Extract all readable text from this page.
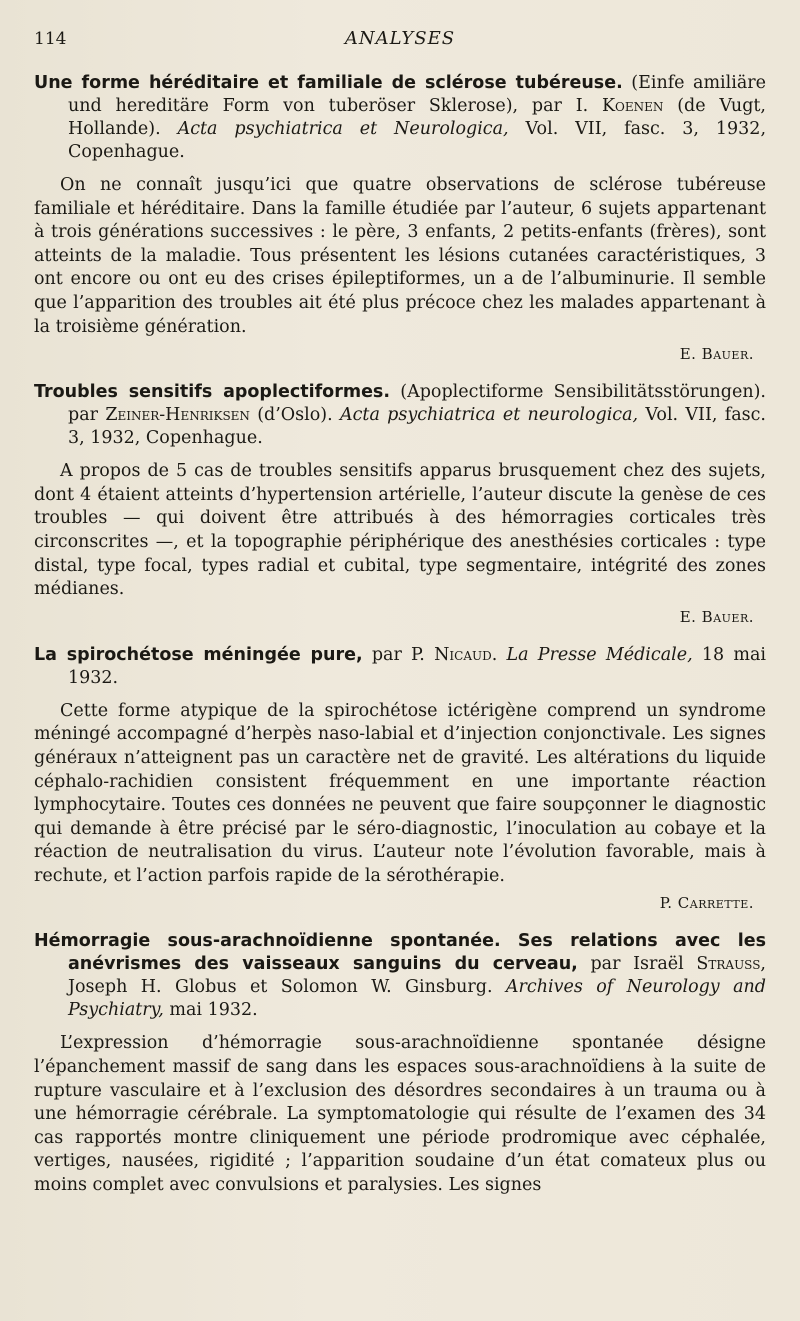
114	ANALYSES

Une forme héréditaire et familiale de sclérose tubéreuse. (Einfe amiliäre und hereditäre Form von tuberöser Sklerose), par I. Koenen (de Vugt, Hollande). Acta psychiatrica et Neurologica, Vol. VII, fasc. 3, 1932, Copenhague.

On ne connaît jusqu’ici que quatre observations de sclérose tubéreuse familiale et héréditaire. Dans la famille étudiée par l’auteur, 6 sujets appartenant à trois générations successives : le père, 3 enfants, 2 petits-enfants (frères), sont atteints de la maladie. Tous présentent les lésions cutanées caractéristiques, 3 ont encore ou ont eu des crises épileptiformes, un a de l’albuminurie. Il semble que l’apparition des troubles ait été plus précoce chez les malades appartenant à la troisième génération.

E. Bauer.

Troubles sensitifs apoplectiformes. (Apoplectiforme Sensibilitätsstörungen). par Zeiner-Henriksen (d’Oslo). Acta psychiatrica et neurologica, Vol. VII, fasc. 3, 1932, Copenhague.

A propos de 5 cas de troubles sensitifs apparus brusquement chez des sujets, dont 4 étaient atteints d’hypertension artérielle, l’auteur discute la genèse de ces troubles — qui doivent être attribués à des hémorragies corticales très circonscrites —, et la topographie périphérique des anesthésies corticales : type distal, type focal, types radial et cubital, type segmentaire, intégrité des zones médianes.

E. Bauer.

La spirochétose méningée pure, par P. Nicaud. La Presse Médicale, 18 mai 1932.

Cette forme atypique de la spirochétose ictérigène comprend un syndrome méningé accompagné d’herpès naso-labial et d’injection conjonctivale. Les signes généraux n’atteignent pas un caractère net de gravité. Les altérations du liquide céphalo-rachidien consistent fréquemment en une importante réaction lymphocytaire. Toutes ces données ne peuvent que faire soupçonner le diagnostic qui demande à être précisé par le séro-diagnostic, l’inoculation au cobaye et la réaction de neutralisation du virus. L’auteur note l’évolution favorable, mais à rechute, et l’action parfois rapide de la sérothérapie.

P. Carrette.

Hémorragie sous-arachnoïdienne spontanée. Ses relations avec les anévrismes des vaisseaux sanguins du cerveau, par Israël Strauss, Joseph H. Globus et Solomon W. Ginsburg. Archives of Neurology and Psychiatry, mai 1932.

L’expression d’hémorragie sous-arachnoïdienne spontanée désigne l’épanchement massif de sang dans les espaces sous-arachnoïdiens à la suite de rupture vasculaire et à l’exclusion des désordres secondaires à un trauma ou à une hémorragie cérébrale. La symptomatologie qui résulte de l’examen des 34 cas rapportés montre cliniquement une période prodromique avec céphalée, vertiges, nausées, rigidité ; l’apparition soudaine d’un état comateux plus ou moins complet avec convulsions et paralysies. Les signes
